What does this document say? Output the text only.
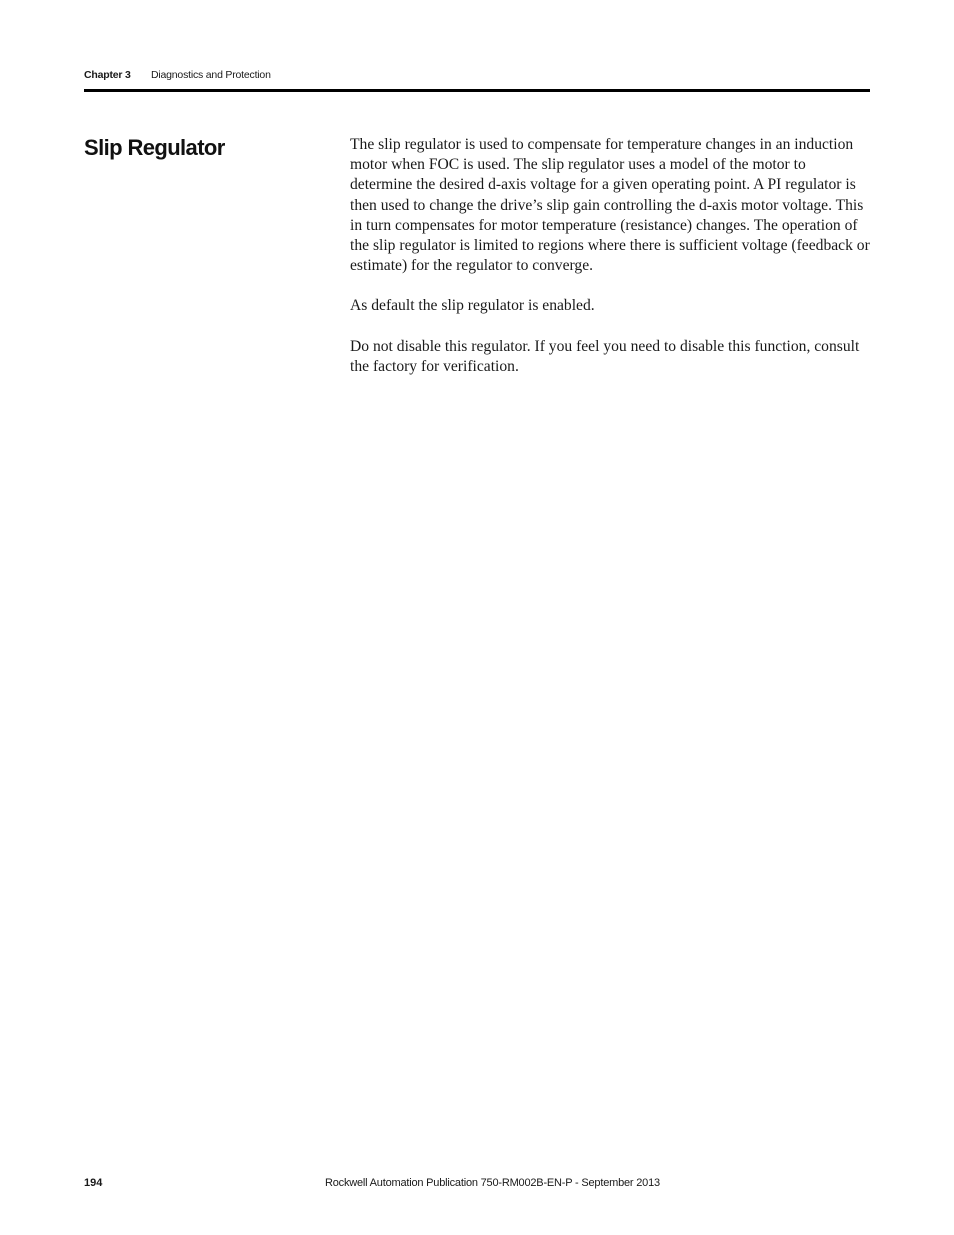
Chapter 3 Diagnostics and Protection
Slip Regulator	The slip regulator is used to compensate for temperature changes in an induction motor when FOC is used. The slip regulator uses a model of the motor to determine the desired d-axis voltage for a given operating point. A PI regulator is then used to change the drive’s slip gain controlling the d-axis motor voltage. This in turn compensates for motor temperature (resistance) changes. The operation of the slip regulator is limited to regions where there is sufficient voltage (feedback or estimate) for the regulator to converge.

As default the slip regulator is enabled.

Do not disable this regulator. If you feel you need to disable this function, consult the factory for verification.

194	Rockwell Automation Publication 750-RM002B-EN-P - September 2013
